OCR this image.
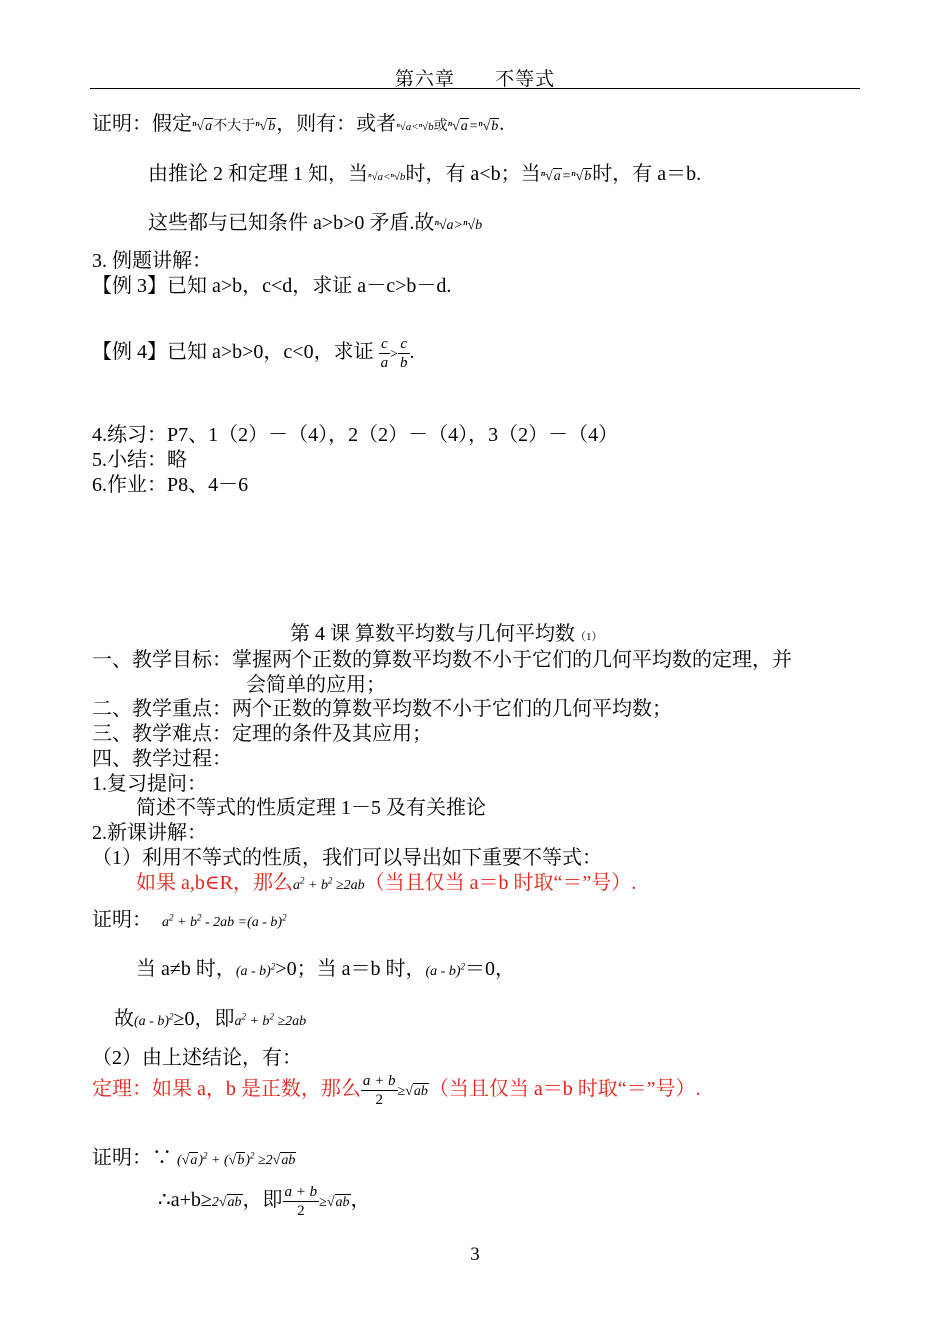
第六章 不等式
证明：假定ⁿ√a不大于ⁿ√b，则有：或者ⁿ√a<ⁿ√b或ⁿ√a=ⁿ√b.
由推论 2 和定理 1 知，当ⁿ√a<ⁿ√b时，有 a<b；当ⁿ√a=ⁿ√b时，有 a＝b.
这些都与已知条件 a>b>0 矛盾.故ⁿ√a>ⁿ√b
3. 例题讲解：
【例 3】已知 a>b，c<d，求证 a－c>b－d.
【例 4】已知 a>b>0，c<0，求证 $\frac{c}{a} > \frac{c}{b}$ .
4.练习：P7、1（2）－（4），2（2）－（4），3（2）－（4）
5.小结：略
6.作业：P8、4－6
第 4 课 算数平均数与几何平均数（1）
一、教学目标：掌握两个正数的算数平均数不小于它们的几何平均数的定理，并
会简单的应用；
二、教学重点：两个正数的算数平均数不小于它们的几何平均数；
三、教学难点：定理的条件及其应用；
四、教学过程：
1.复习提问：
简述不等式的性质定理 1－5 及有关推论
2.新课讲解：
（1）利用不等式的性质，我们可以导出如下重要不等式：
如果 a,b∈R，那么$a^2 + b^2 \ge 2ab$（当且仅当 a＝b 时取“＝”号）.
证明： $a^2 + b^2 - 2ab =(a - b)^2$
当 a≠b 时，(a - b)$^2$>0；当 a＝b 时，(a - b)$^2$＝0，
故(a - b)$^2$≥0，即$a^2 + b^2 \ge 2ab$
（2）由上述结论，有：
定理：如果 a，b 是正数，那么 $\frac{a + b}{2} \ge√ab$（当且仅当 a＝b 时取“＝”号）.
证明：∵ $(√a)^2 + (√b)^2 \ge 2√ab$
∴a+b≥2√ab，即 $\frac{a + b}{2} \ge√ab$，
3
